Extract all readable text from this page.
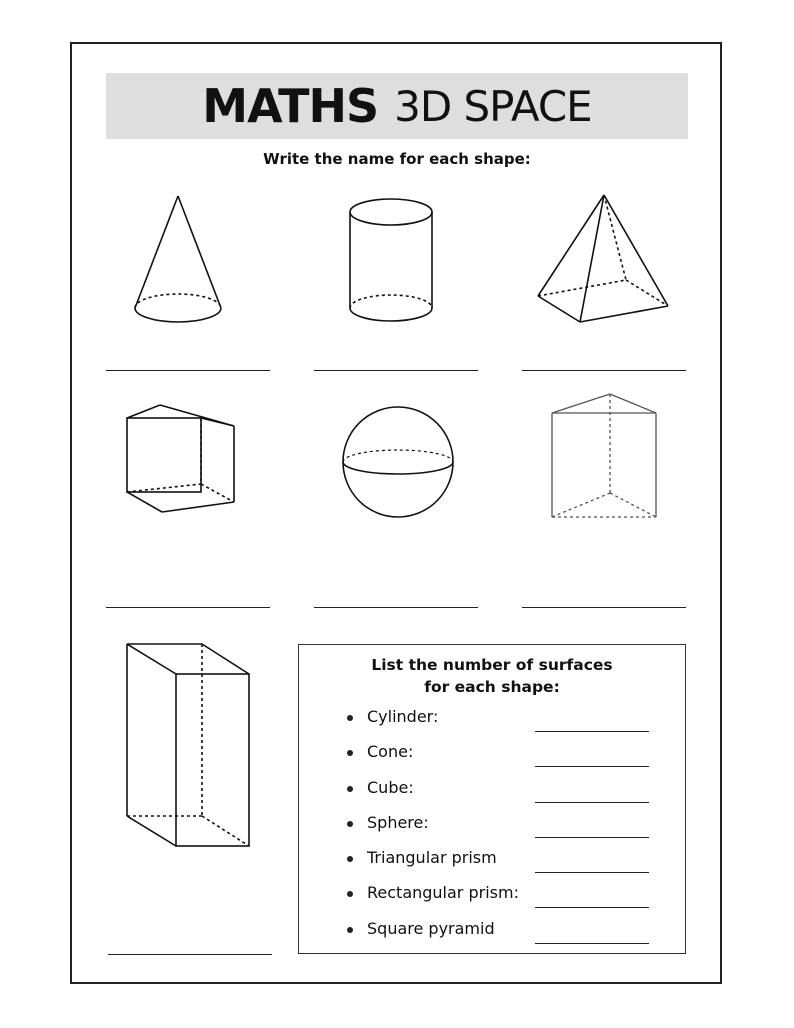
MATHS 3D SPACE
Write the name for each shape:
List the number of surfaces
for each shape:
Cylinder:
Cone:
Cube:
Sphere:
Triangular prism
Rectangular prism:
Square pyramid
